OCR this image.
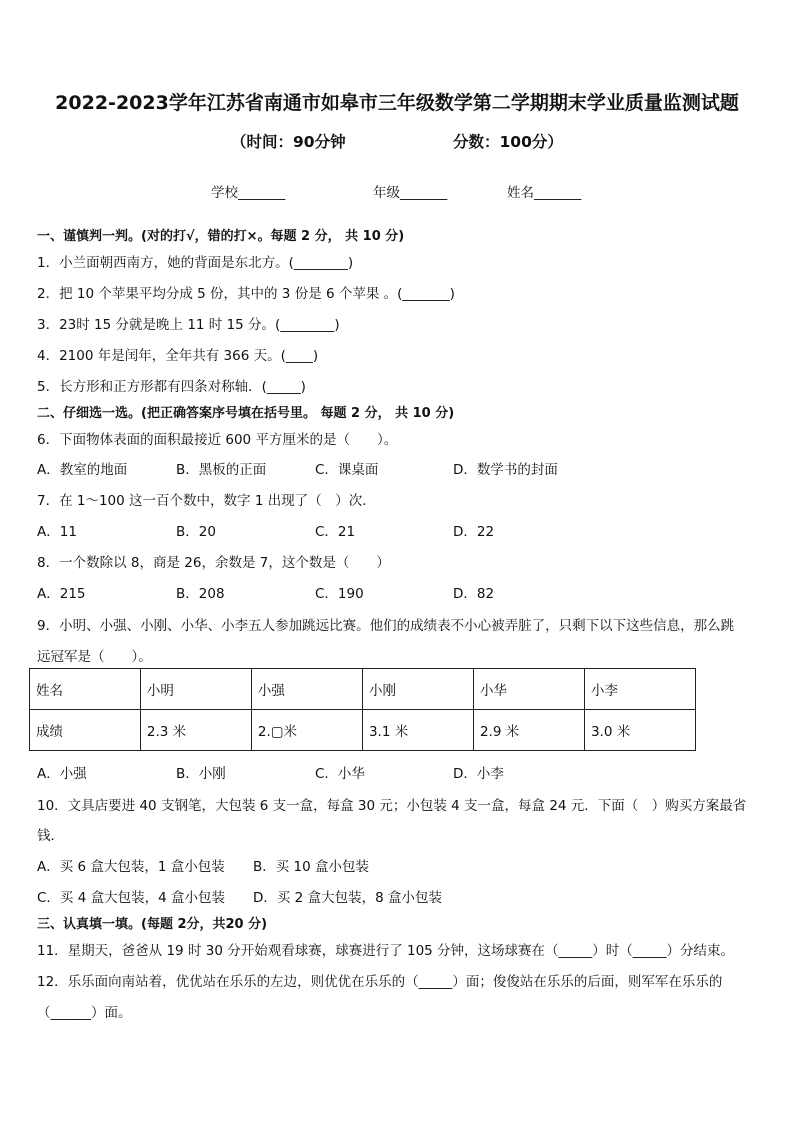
2022-2023学年江苏省南通市如皋市三年级数学第二学期期末学业质量监测试题
（时间：90分钟	分数：100分）
学校_______	年级_______	姓名_______
一、谨慎判一判。(对的打√，错的打×。每题 2 分， 共 10 分)
1．小兰面朝西南方，她的背面是东北方。(________)
2．把 10 个苹果平均分成 5 份，其中的 3 份是 6 个苹果 。(_______)
3．23时 15 分就是晚上 11 时 15 分。(________)
4．2100 年是闰年，全年共有 366 天。(____)
5．长方形和正方形都有四条对称轴．(_____)
二、仔细选一选。(把正确答案序号填在括号里。 每题 2 分， 共 10 分)
6．下面物体表面的面积最接近 600 平方厘米的是（　　）。
A．教室的地面	B．黑板的正面	C．课桌面	D．数学书的封面
7．在 1～100 这一百个数中，数字 1 出现了（　）次．
A．11	B．20	C．21	D．22
8．一个数除以 8，商是 26，余数是 7，这个数是（　　）
A．215	B．208	C．190	D．82
9．小明、小强、小刚、小华、小李五人参加跳远比赛。他们的成绩表不小心被弄脏了，只剩下以下这些信息，那么跳
远冠军是（　　）。
姓名	小明	小强	小刚	小华	小李
成绩	2.3 米	2.▢米	3.1 米	2.9 米	3.0 米
A．小强	B．小刚	C．小华	D．小李
10．文具店要进 40 支钢笔，大包装 6 支一盒，每盒 30 元；小包装 4 支一盒，每盒 24 元．下面（　）购买方案最省
钱．
A．买 6 盒大包装，1 盒小包装 B．买 10 盒小包装
C．买 4 盒大包装，4 盒小包装 D．买 2 盒大包装，8 盒小包装
三、认真填一填。(每题 2分，共20 分)
11．星期天，爸爸从 19 时 30 分开始观看球赛，球赛进行了 105 分钟，这场球赛在（_____）时（_____）分结束。
12．乐乐面向南站着，优优站在乐乐的左边，则优优在乐乐的（_____）面；俊俊站在乐乐的后面，则军军在乐乐的
（______）面。
